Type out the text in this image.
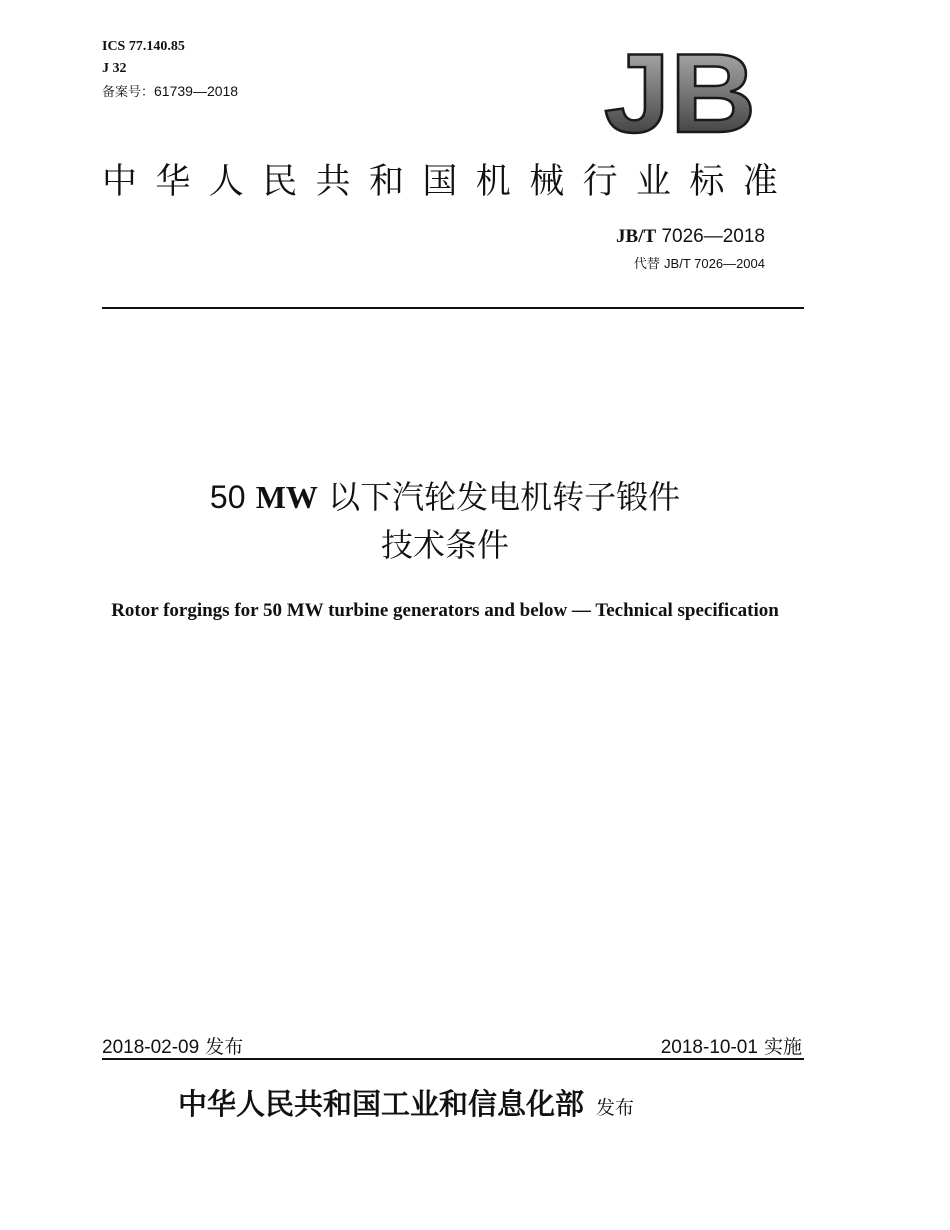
ICS 77.140.85
J 32
备案号：61739—2018	JB
中华人民共和国机械行业标准
JB/T 7026—2018
代替 JB/T 7026—2004
50 MW 以下汽轮发电机转子锻件
技术条件
Rotor forgings for 50 MW turbine generators and below — Technical specification
2018-02-09 发布	2018-10-01 实施
中华人民共和国工业和信息化部 发布
